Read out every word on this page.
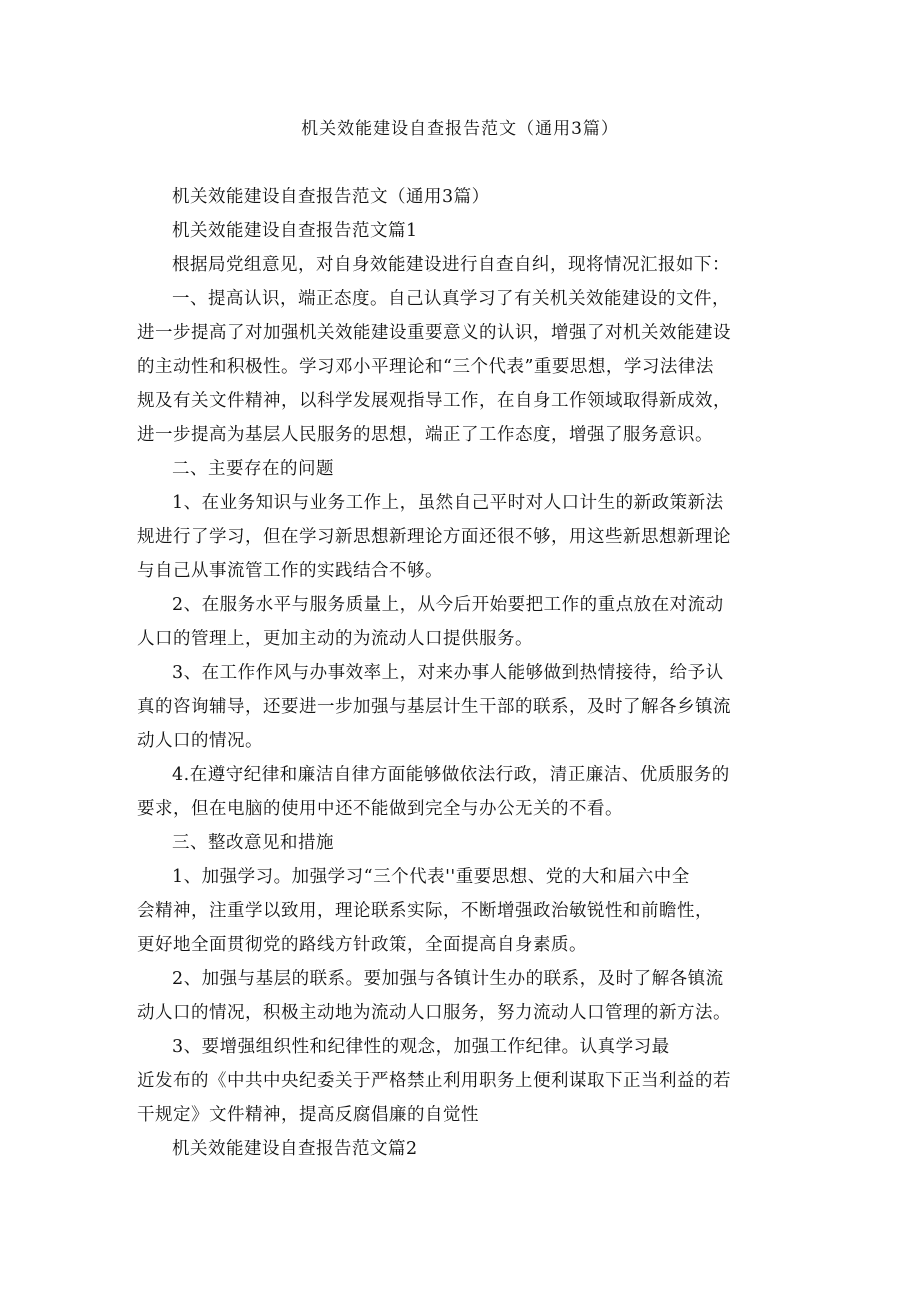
机关效能建设自查报告范文（通用3篇）

机关效能建设自查报告范文（通用3篇）

机关效能建设自查报告范文篇1

根据局党组意见，对自身效能建设进行自查自纠，现将情况汇报如下：

一、提高认识，端正态度。自己认真学习了有关机关效能建设的文件，
进一步提高了对加强机关效能建设重要意义的认识，增强了对机关效能建设
的主动性和积极性。学习邓小平理论和“三个代表”重要思想，学习法律法
规及有关文件精神，以科学发展观指导工作，在自身工作领域取得新成效，
进一步提高为基层人民服务的思想，端正了工作态度，增强了服务意识。

二、主要存在的问题

1、在业务知识与业务工作上，虽然自己平时对人口计生的新政策新法
规进行了学习，但在学习新思想新理论方面还很不够，用这些新思想新理论
与自己从事流管工作的实践结合不够。

2、在服务水平与服务质量上，从今后开始要把工作的重点放在对流动
人口的管理上，更加主动的为流动人口提供服务。

3、在工作作风与办事效率上，对来办事人能够做到热情接待，给予认
真的咨询辅导，还要进一步加强与基层计生干部的联系，及时了解各乡镇流
动人口的情况。

4.在遵守纪律和廉洁自律方面能够做依法行政，清正廉洁、优质服务的
要求，但在电脑的使用中还不能做到完全与办公无关的不看。

三、整改意见和措施

1、加强学习。加强学习“三个代表''重要思想、党的大和届六中全
会精神，注重学以致用，理论联系实际，不断增强政治敏锐性和前瞻性，
更好地全面贯彻党的路线方针政策，全面提高自身素质。

2、加强与基层的联系。要加强与各镇计生办的联系，及时了解各镇流
动人口的情况，积极主动地为流动人口服务，努力流动人口管理的新方法。

3、要增强组织性和纪律性的观念，加强工作纪律。认真学习最
近发布的《中共中央纪委关于严格禁止利用职务上便利谋取下正当利益的若
干规定》文件精神，提高反腐倡廉的自觉性

机关效能建设自查报告范文篇2
